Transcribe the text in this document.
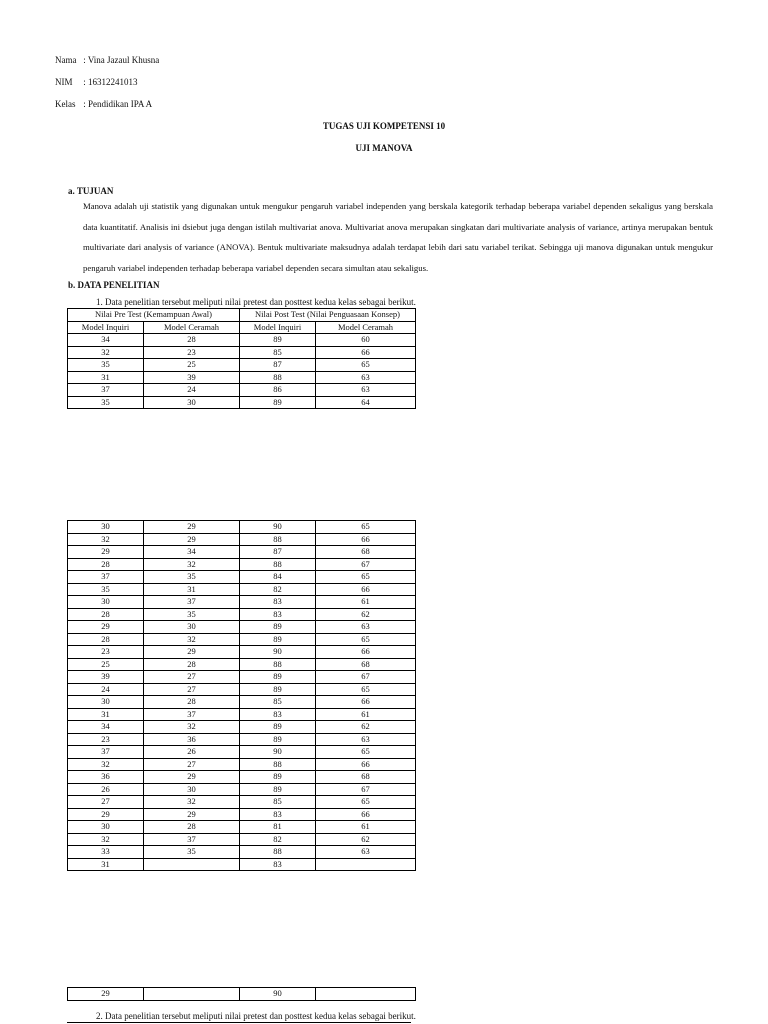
Nama : Vina Jazaul Khusna
NIM : 16312241013
Kelas : Pendidikan IPA A
TUGAS UJI KOMPETENSI 10
UJI MANOVA
a. TUJUAN
Manova adalah uji statistik yang digunakan untuk mengukur pengaruh variabel independen yang berskala kategorik terhadap beberapa variabel dependen sekaligus yang berskala data kuantitatif. Analisis ini dsiebut juga dengan istilah multivariat anova. Multivariat anova merupakan singkatan dari multivariate analysis of variance, artinya merupakan bentuk multivariate dari analysis of variance (ANOVA). Bentuk multivariate maksudnya adalah terdapat lebih dari satu variabel terikat. Sebingga uji manova digunakan untuk mengukur pengaruh variabel independen terhadap beberapa variabel dependen secara simultan atau sekaligus.
b. DATA PENELITIAN
1. Data penelitian tersebut meliputi nilai pretest dan posttest kedua kelas sebagai berikut.
Nilai Pre Test (Kemampuan Awal)		Nilai Post Test (Nilai Penguasaan Konsep)	
Model Inquiri	Model Ceramah	Model Inquiri	Model Ceramah
34	28	89	60
32	23	85	66
35	25	87	65
31	39	88	63
37	24	86	63
35	30	89	64
30	29	90	65
32	29	88	66
29	34	87	68
28	32	88	67
37	35	84	65
35	31	82	66
30	37	83	61
28	35	83	62
29	30	89	63
28	32	89	65
23	29	90	66
25	28	88	68
39	27	89	67
24	27	89	65
30	28	85	66
31	37	83	61
34	32	89	62
23	36	89	63
37	26	90	65
32	27	88	66
36	29	89	68
26	30	89	67
27	32	85	65
29	29	83	66
30	28	81	61
32	37	82	62
33	35	88	63
31		83	
29		90	
2. Data penelitian tersebut meliputi nilai pretest dan posttest kedua kelas sebagai berikut.
